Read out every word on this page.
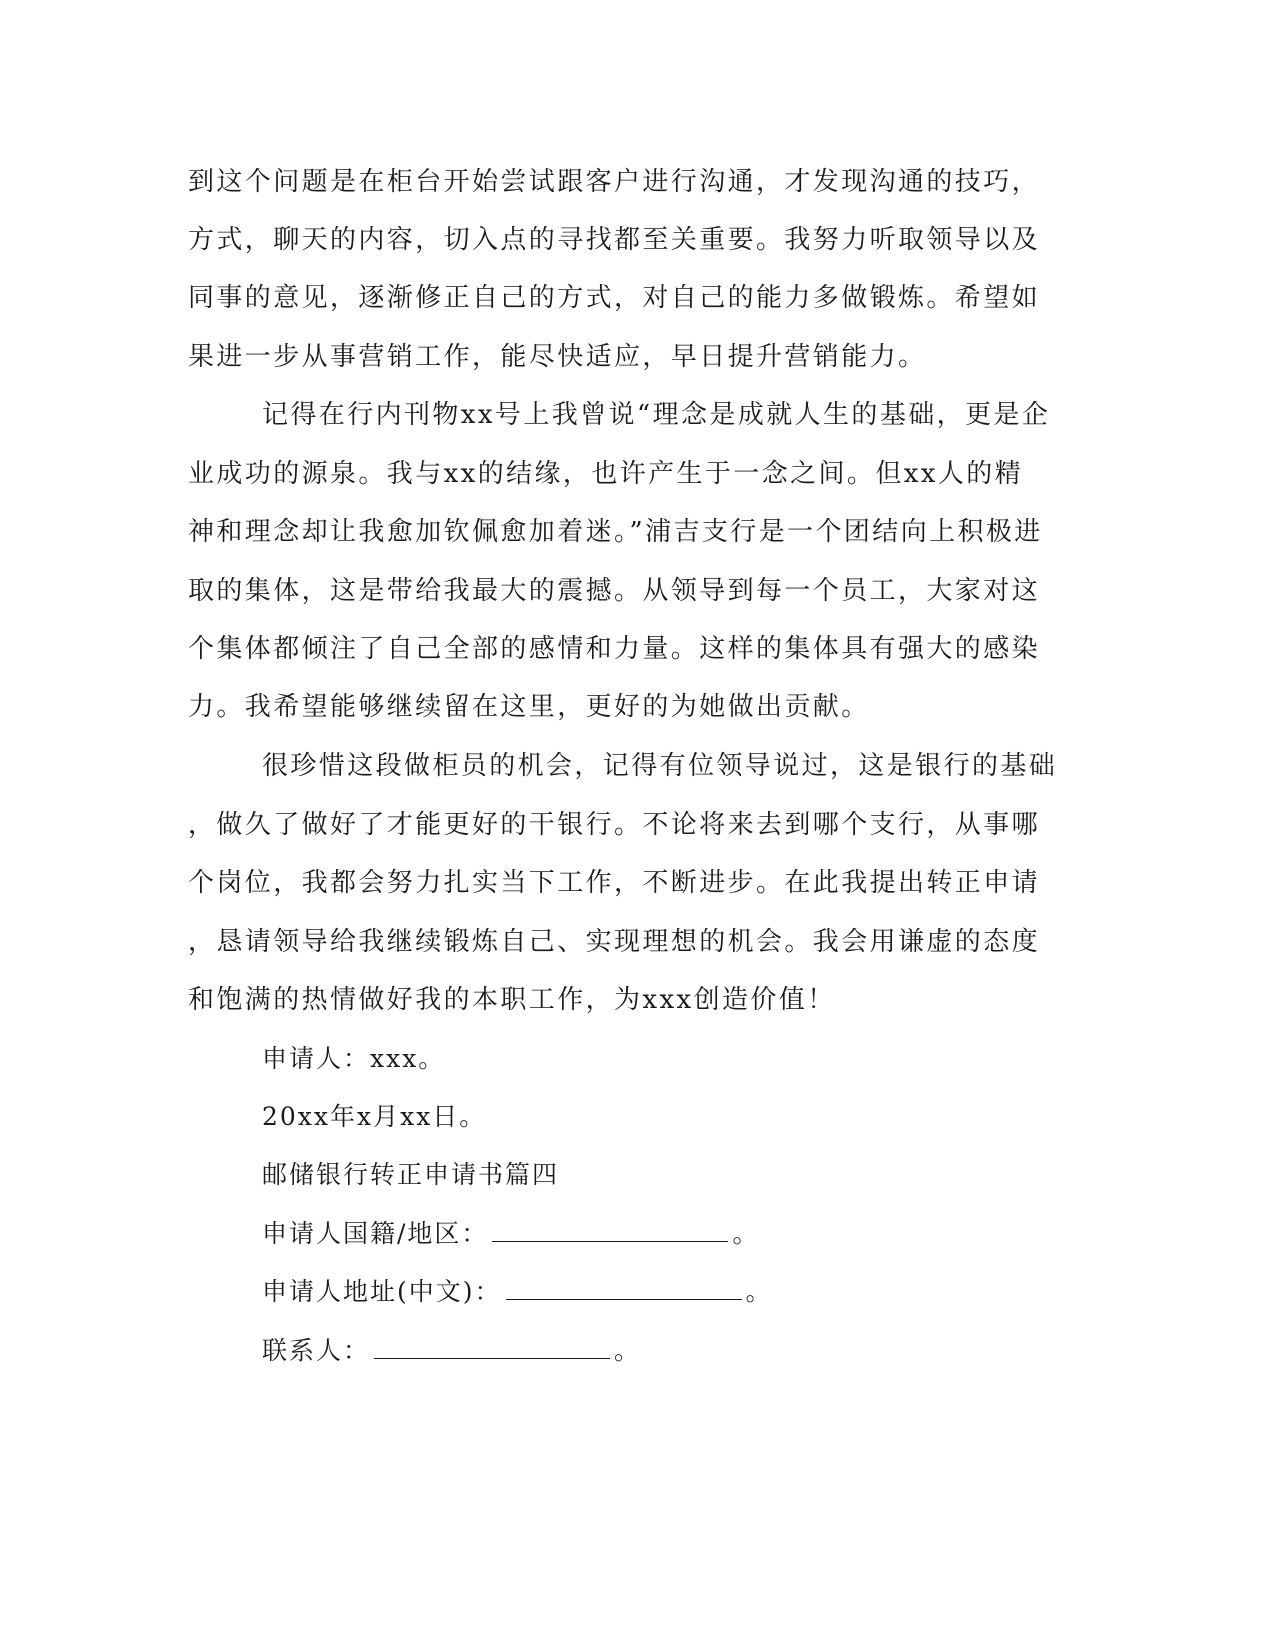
到这个问题是在柜台开始尝试跟客户进行沟通，才发现沟通的技巧，
方式，聊天的内容，切入点的寻找都至关重要。我努力听取领导以及
同事的意见，逐渐修正自己的方式，对自己的能力多做锻炼。希望如
果进一步从事营销工作，能尽快适应，早日提升营销能力。
记得在行内刊物xx号上我曾说“理念是成就人生的基础，更是企
业成功的源泉。我与xx的结缘，也许产生于一念之间。但xx人的精
神和理念却让我愈加钦佩愈加着迷。”浦吉支行是一个团结向上积极进
取的集体，这是带给我最大的震撼。从领导到每一个员工，大家对这
个集体都倾注了自己全部的感情和力量。这样的集体具有强大的感染
力。我希望能够继续留在这里，更好的为她做出贡献。
很珍惜这段做柜员的机会，记得有位领导说过，这是银行的基础
，做久了做好了才能更好的干银行。不论将来去到哪个支行，从事哪
个岗位，我都会努力扎实当下工作，不断进步。在此我提出转正申请
，恳请领导给我继续锻炼自己、实现理想的机会。我会用谦虚的态度
和饱满的热情做好我的本职工作，为xxx创造价值！
申请人：xxx。
20xx年x月xx日。
邮储银行转正申请书篇四
申请人国籍/地区：	。
申请人地址(中文)：	。
联系人：	。
